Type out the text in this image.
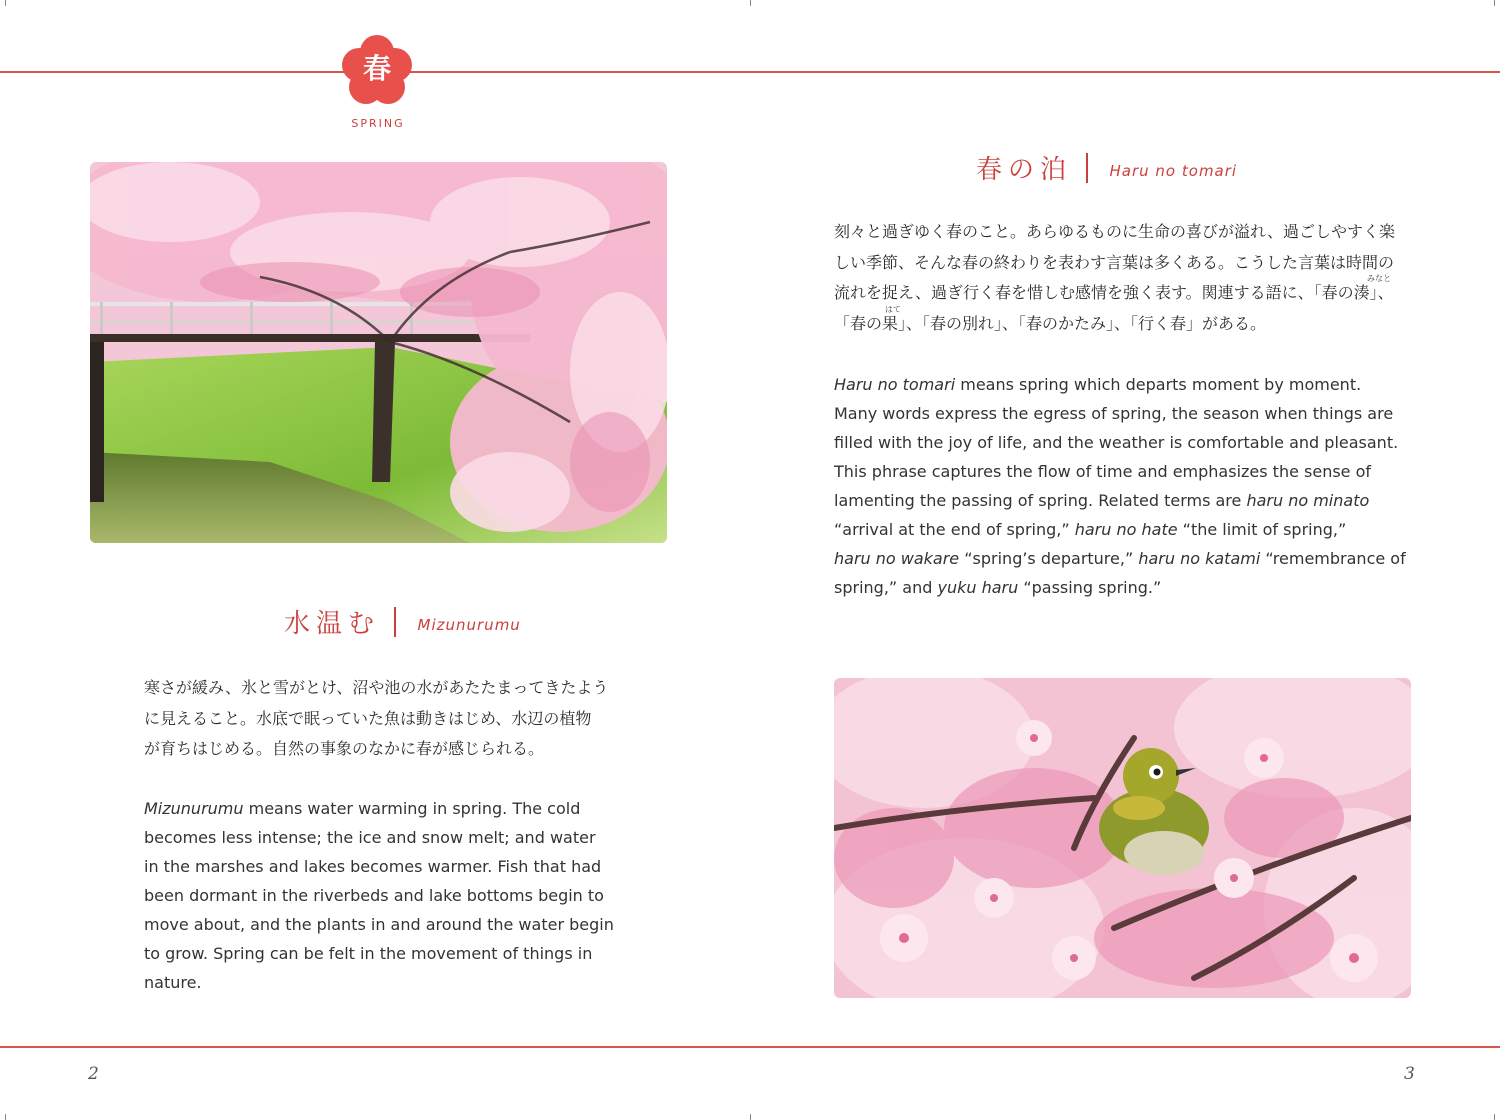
春
SPRING
水温む	Mizunurumu
寒さが緩み、氷と雪がとけ、沼や池の水があたたまってきたよう
に見えること。水底で眠っていた魚は動きはじめ、水辺の植物
が育ちはじめる。自然の事象のなかに春が感じられる。
Mizunurumu means water warming in spring. The cold
becomes less intense; the ice and snow melt; and water
in the marshes and lakes becomes warmer. Fish that had
been dormant in the riverbeds and lake bottoms begin to
move about, and the plants in and around the water begin
to grow. Spring can be felt in the movement of things in
nature.
春の泊	Haru no tomari
みなと
はて
刻々と過ぎゆく春のこと。あらゆるものに生命の喜びが溢れ、過ごしやすく楽
しい季節、そんな春の終わりを表わす言葉は多くある。こうした言葉は時間の
流れを捉え、過ぎ行く春を惜しむ感情を強く表す。関連する語に、「春の湊」、
「春の果」、「春の別れ」、「春のかたみ」、「行く春」がある。
Haru no tomari means spring which departs moment by moment.
Many words express the egress of spring, the season when things are
filled with the joy of life, and the weather is comfortable and pleasant.
This phrase captures the flow of time and emphasizes the sense of
lamenting the passing of spring. Related terms are haru no minato
“arrival at the end of spring,” haru no hate “the limit of spring,”
haru no wakare “spring’s departure,” haru no katami “remembrance of
spring,” and yuku haru “passing spring.”
2	3
